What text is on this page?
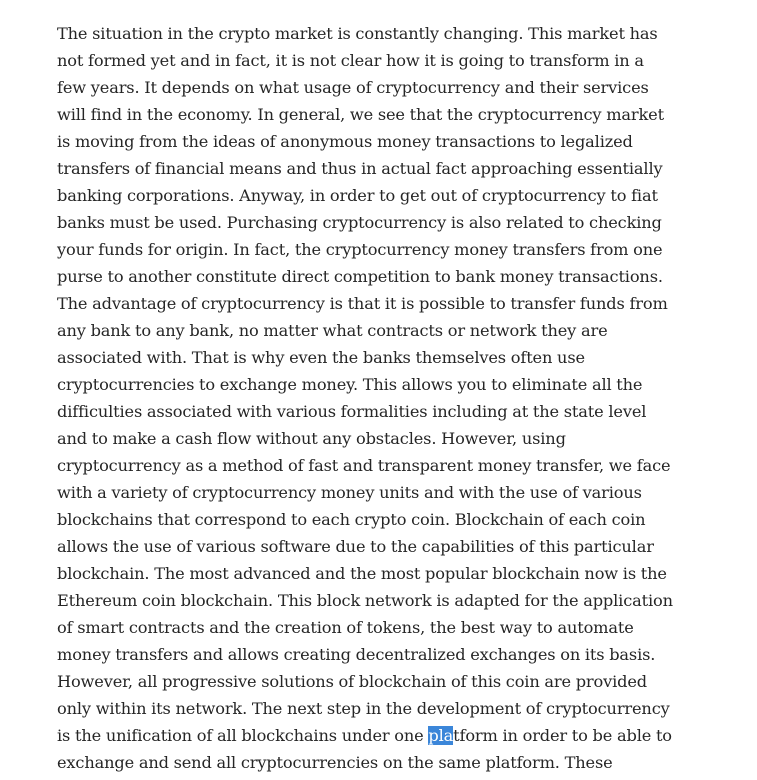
The situation in the crypto market is constantly changing. This market has
not formed yet and in fact, it is not clear how it is going to transform in a
few years. It depends on what usage of cryptocurrency and their services
will find in the economy. In general, we see that the cryptocurrency market
is moving from the ideas of anonymous money transactions to legalized
transfers of financial means and thus in actual fact approaching essentially
banking corporations. Anyway, in order to get out of cryptocurrency to fiat
banks must be used. Purchasing cryptocurrency is also related to checking
your funds for origin. In fact, the cryptocurrency money transfers from one
purse to another constitute direct competition to bank money transactions.
The advantage of cryptocurrency is that it is possible to transfer funds from
any bank to any bank, no matter what contracts or network they are
associated with. That is why even the banks themselves often use
cryptocurrencies to exchange money. This allows you to eliminate all the
difficulties associated with various formalities including at the state level
and to make a cash flow without any obstacles. However, using
cryptocurrency as a method of fast and transparent money transfer, we face
with a variety of cryptocurrency money units and with the use of various
blockchains that correspond to each crypto coin. Blockchain of each coin
allows the use of various software due to the capabilities of this particular
blockchain. The most advanced and the most popular blockchain now is the
Ethereum coin blockchain. This block network is adapted for the application
of smart contracts and the creation of tokens, the best way to automate
money transfers and allows creating decentralized exchanges on its basis.
However, all progressive solutions of blockchain of this coin are provided
only within its network. The next step in the development of cryptocurrency
is the unification of all blockchains under one platform in order to be able to
exchange and send all cryptocurrencies on the same platform. These
